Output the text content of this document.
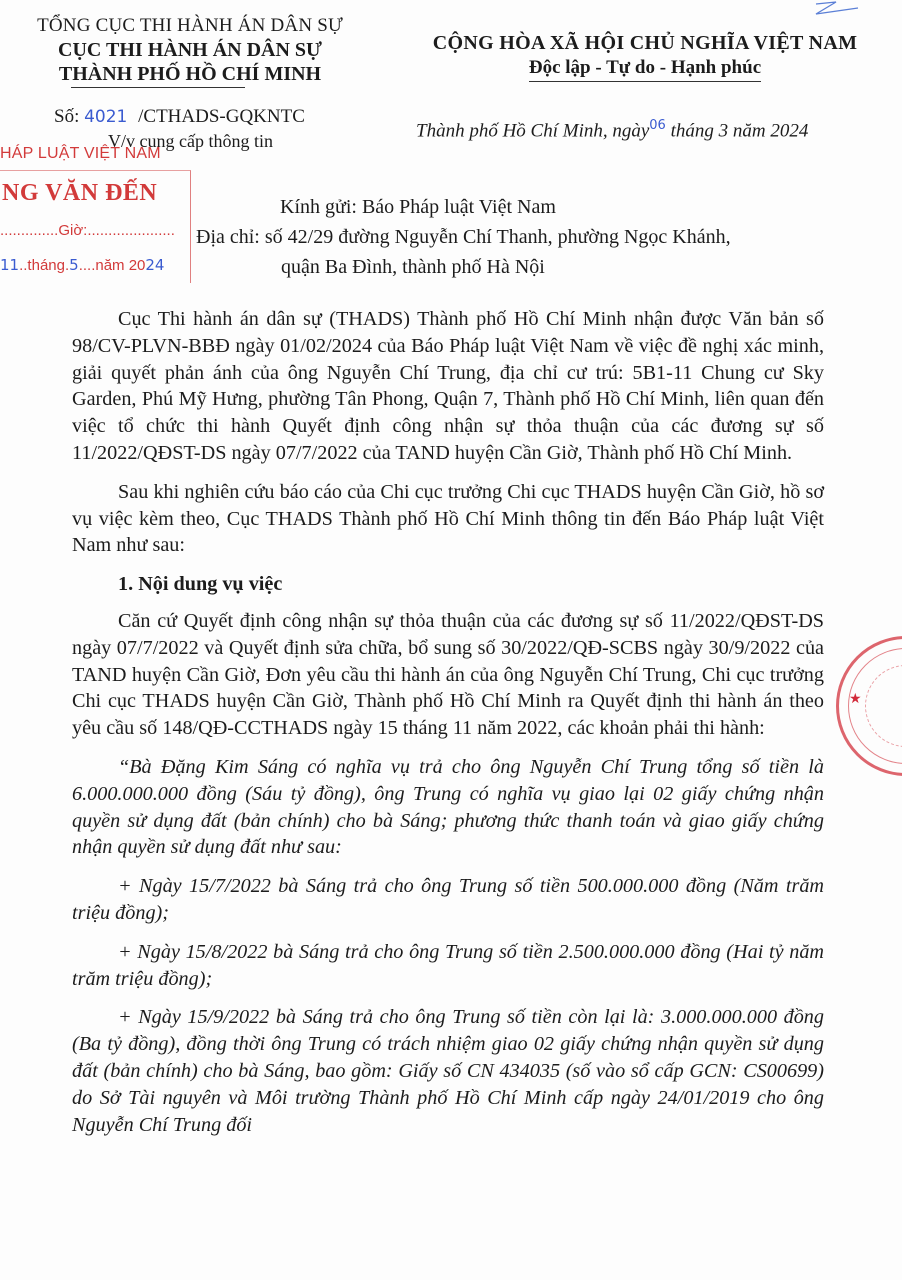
TỔNG CỤC THI HÀNH ÁN DÂN SỰ
CỤC THI HÀNH ÁN DÂN SỰ
THÀNH PHỐ HỒ CHÍ MINH
Số: 4021 /CTHADS-GQKNTC
V/v cung cấp thông tin
CỘNG HÒA XÃ HỘI CHỦ NGHĨA VIỆT NAM
Độc lập - Tự do - Hạnh phúc
Thành phố Hồ Chí Minh, ngày$^{06}$ tháng 3 năm 2024
HÁP LUẬT VIỆT NAM
NG VĂN ĐẾN
..............Giờ:.....................
11..tháng.5....năm 2024
Kính gửi: Báo Pháp luật Việt Nam
Địa chỉ: số 42/29 đường Nguyễn Chí Thanh, phường Ngọc Khánh,
quận Ba Đình, thành phố Hà Nội

Cục Thi hành án dân sự (THADS) Thành phố Hồ Chí Minh nhận được Văn bản số 98/CV-PLVN-BBĐ ngày 01/02/2024 của Báo Pháp luật Việt Nam về việc đề nghị xác minh, giải quyết phản ánh của ông Nguyễn Chí Trung, địa chỉ cư trú: 5B1-11 Chung cư Sky Garden, Phú Mỹ Hưng, phường Tân Phong, Quận 7, Thành phố Hồ Chí Minh, liên quan đến việc tổ chức thi hành Quyết định công nhận sự thỏa thuận của các đương sự số 11/2022/QĐST-DS ngày 07/7/2022 của TAND huyện Cần Giờ, Thành phố Hồ Chí Minh.

Sau khi nghiên cứu báo cáo của Chi cục trưởng Chi cục THADS huyện Cần Giờ, hồ sơ vụ việc kèm theo, Cục THADS Thành phố Hồ Chí Minh thông tin đến Báo Pháp luật Việt Nam như sau:

1. Nội dung vụ việc

Căn cứ Quyết định công nhận sự thỏa thuận của các đương sự số 11/2022/QĐST-DS ngày 07/7/2022 và Quyết định sửa chữa, bổ sung số 30/2022/QĐ-SCBS ngày 30/9/2022 của TAND huyện Cần Giờ, Đơn yêu cầu thi hành án của ông Nguyễn Chí Trung, Chi cục trưởng Chi cục THADS huyện Cần Giờ, Thành phố Hồ Chí Minh ra Quyết định thi hành án theo yêu cầu số 148/QĐ-CCTHADS ngày 15 tháng 11 năm 2022, các khoản phải thi hành:

“Bà Đặng Kim Sáng có nghĩa vụ trả cho ông Nguyễn Chí Trung tổng số tiền là 6.000.000.000 đồng (Sáu tỷ đồng), ông Trung có nghĩa vụ giao lại 02 giấy chứng nhận quyền sử dụng đất (bản chính) cho bà Sáng; phương thức thanh toán và giao giấy chứng nhận quyền sử dụng đất như sau:

+ Ngày 15/7/2022 bà Sáng trả cho ông Trung số tiền 500.000.000 đồng (Năm trăm triệu đồng);

+ Ngày 15/8/2022 bà Sáng trả cho ông Trung số tiền 2.500.000.000 đồng (Hai tỷ năm trăm triệu đồng);

+ Ngày 15/9/2022 bà Sáng trả cho ông Trung số tiền còn lại là: 3.000.000.000 đồng (Ba tỷ đồng), đồng thời ông Trung có trách nhiệm giao 02 giấy chứng nhận quyền sử dụng đất (bản chính) cho bà Sáng, bao gồm: Giấy số CN 434035 (số vào sổ cấp GCN: CS00699) do Sở Tài nguyên và Môi trường Thành phố Hồ Chí Minh cấp ngày 24/01/2019 cho ông Nguyễn Chí Trung đối

★
